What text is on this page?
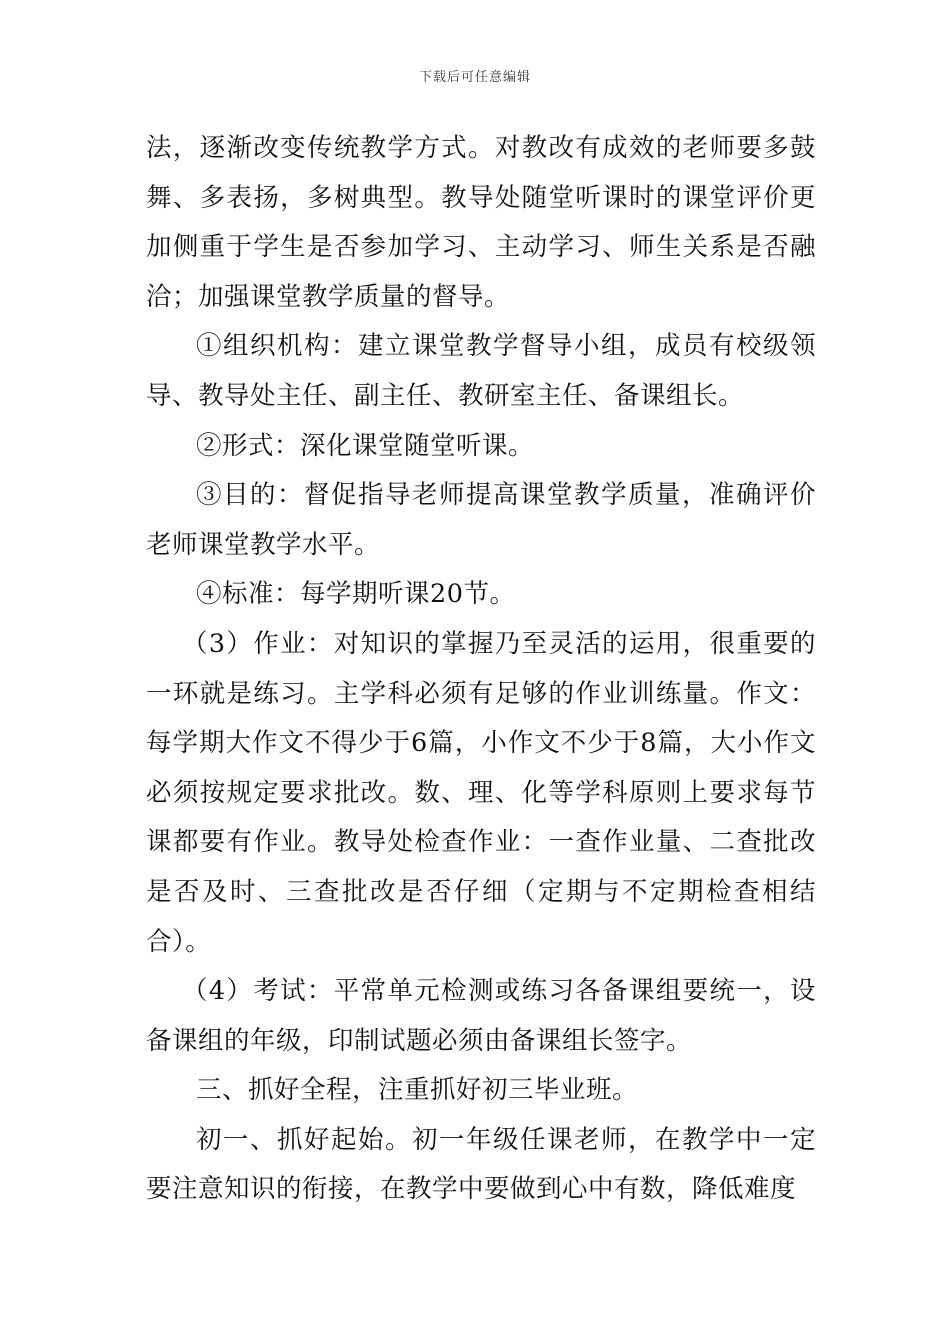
下载后可任意编辑

法，逐渐改变传统教学方式。对教改有成效的老师要多鼓舞、多表扬，多树典型。教导处随堂听课时的课堂评价更加侧重于学生是否参加学习、主动学习、师生关系是否融洽；加强课堂教学质量的督导。

①组织机构：建立课堂教学督导小组，成员有校级领导、教导处主任、副主任、教研室主任、备课组长。

②形式：深化课堂随堂听课。

③目的：督促指导老师提高课堂教学质量，准确评价老师课堂教学水平。

④标准：每学期听课20节。

（3）作业：对知识的掌握乃至灵活的运用，很重要的一环就是练习。主学科必须有足够的作业训练量。作文：每学期大作文不得少于6篇，小作文不少于8篇，大小作文必须按规定要求批改。数、理、化等学科原则上要求每节课都要有作业。教导处检查作业：一查作业量、二查批改是否及时、三查批改是否仔细（定期与不定期检查相结合）。

（4）考试：平常单元检测或练习各备课组要统一，设备课组的年级，印制试题必须由备课组长签字。

三、抓好全程，注重抓好初三毕业班。

初一、抓好起始。初一年级任课老师，在教学中一定要注意知识的衔接，在教学中要做到心中有数，降低难度
